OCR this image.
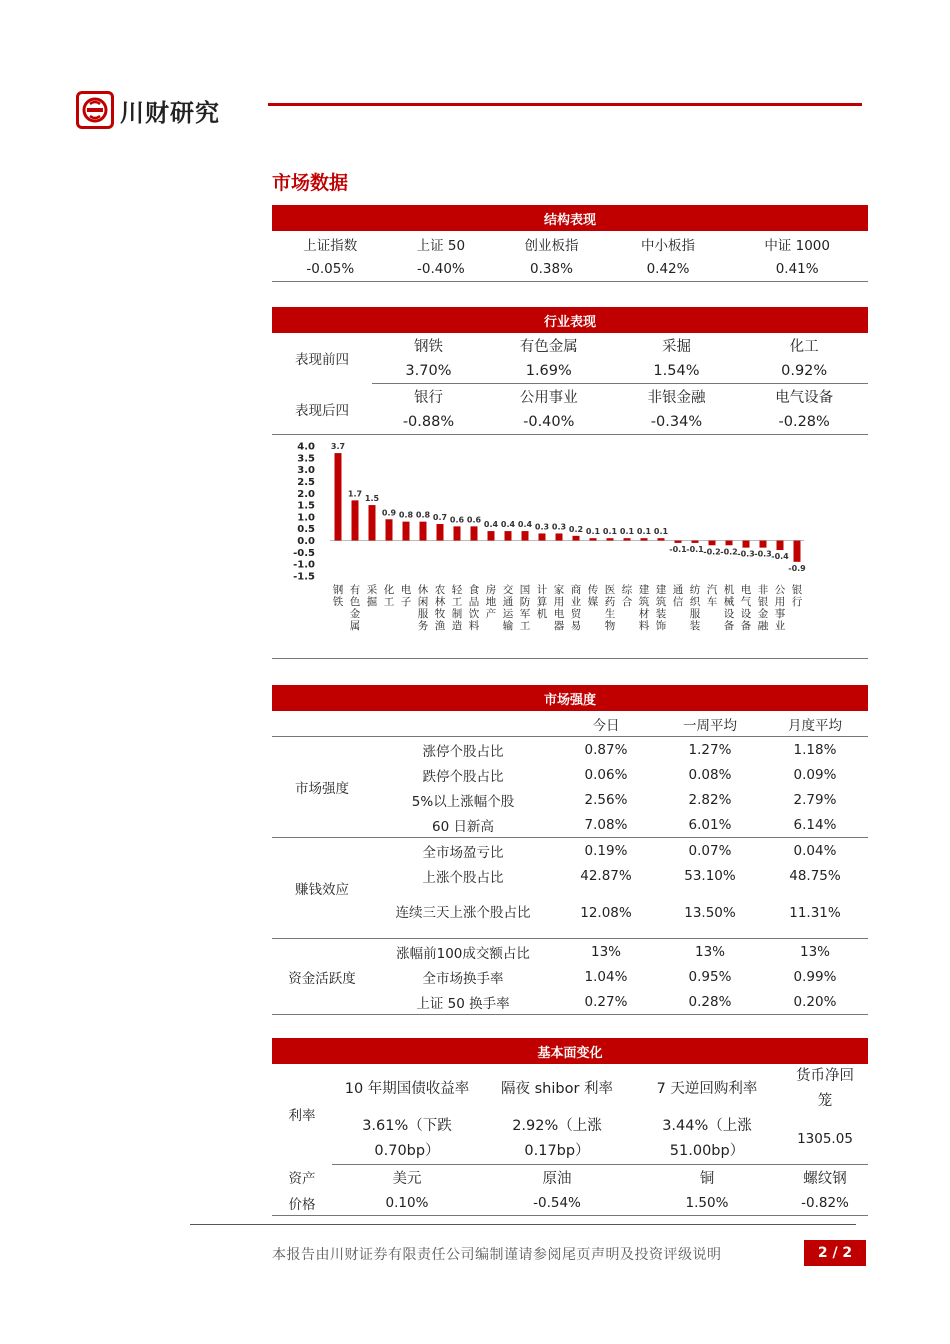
川财研究
市场数据
结构表现
上证指数	上证 50	创业板指	中小板指	中证 1000
-0.05%	-0.40%	0.38%	0.42%	0.41%
行业表现
表现前四	钢铁	有色金属	采掘	化工
	3.70%	1.69%	1.54%	0.92%
表现后四	银行	公用事业	非银金融	电气设备
	-0.88%	-0.40%	-0.34%	-0.28%
4.0
3.5
3.0
2.5
2.0
1.5
1.0
0.5
0.0
-0.5
-1.0
-1.5
3.7
钢铁
1.7
有色金属
1.5
采掘
0.9
化工
0.8
电子
0.8
休闲服务
0.7
农林牧渔
0.6
轻工制造
0.6
食品饮料
0.4
房地产
0.4
交通运输
0.4
国防军工
0.3
计算机
0.3
家用电器
0.2
商业贸易
0.1
传媒
0.1
医药生物
0.1
综合
0.1
建筑材料
0.1
建筑装饰
-0.1
通信
-0.1
纺织服装
-0.2
汽车
-0.2
机械设备
-0.3
电气设备
-0.3
非银金融
-0.4
公用事业
-0.9
银行
市场强度
		今日	一周平均	月度平均
市场强度	涨停个股占比	0.87%	1.27%	1.18%
	跌停个股占比	0.06%	0.08%	0.09%
	5%以上涨幅个股	2.56%	2.82%	2.79%
	60 日新高	7.08%	6.01%	6.14%
赚钱效应	全市场盈亏比	0.19%	0.07%	0.04%
	上涨个股占比	42.87%	53.10%	48.75%
	连续三天上涨个股占比	12.08%	13.50%	11.31%
资金活跃度	涨幅前100成交额占比	13%	13%	13%
	全市场换手率	1.04%	0.95%	0.99%
	上证 50 换手率	0.27%	0.28%	0.20%
基本面变化
利率	10 年期国债收益率	隔夜 shibor 利率	7 天逆回购利率	货币净回笼
	3.61%（下跌 0.70bp）	2.92%（上涨 0.17bp）	3.44%（上涨 51.00bp）	1305.05
资产	美元	原油	铜	螺纹钢
价格	0.10%	-0.54%	1.50%	-0.82%
本报告由川财证券有限责任公司编制谨请参阅尾页声明及投资评级说明	2 / 2
